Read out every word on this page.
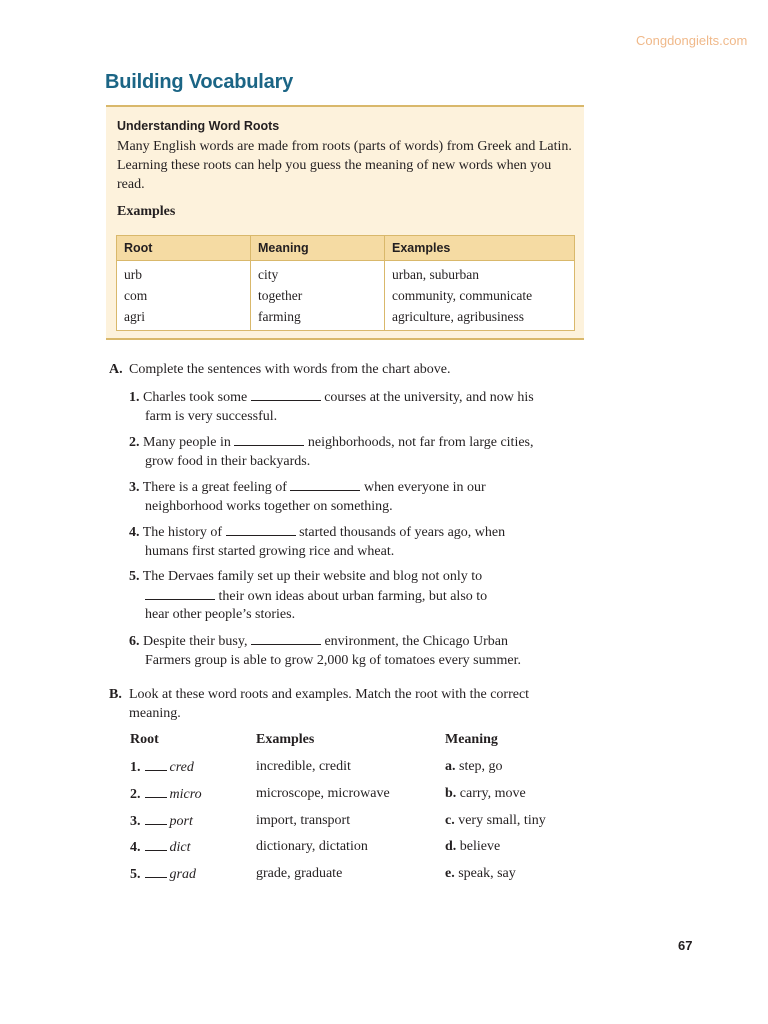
Congdongielts.com
Building Vocabulary
Understanding Word Roots
Many English words are made from roots (parts of words) from Greek and Latin. Learning these roots can help you guess the meaning of new words when you read.
Examples
Root	Meaning	Examples
urb	city	urban, suburban
com	together	community, communicate
agri	farming	agriculture, agribusiness
A. Complete the sentences with words from the chart above.
1. Charles took some	courses at the university, and now his
farm is very successful.
2. Many people in	neighborhoods, not far from large cities,
grow food in their backyards.
3. There is a great feeling of	when everyone in our
neighborhood works together on something.
4. The history of	started thousands of years ago, when
humans first started growing rice and wheat.
5. The Dervaes family set up their website and blog not only to
their own ideas about urban farming, but also to
hear other people’s stories.
6. Despite their busy,	environment, the Chicago Urban
Farmers group is able to grow 2,000 kg of tomatoes every summer.
B. Look at these word roots and examples. Match the root with the correct
meaning.
Root	Examples	Meaning
1. cred	incredible, credit	a. step, go
2. micro	microscope, microwave	b. carry, move
3. port	import, transport	c. very small, tiny
4. dict	dictionary, dictation	d. believe
5. grad	grade, graduate	e. speak, say
67
